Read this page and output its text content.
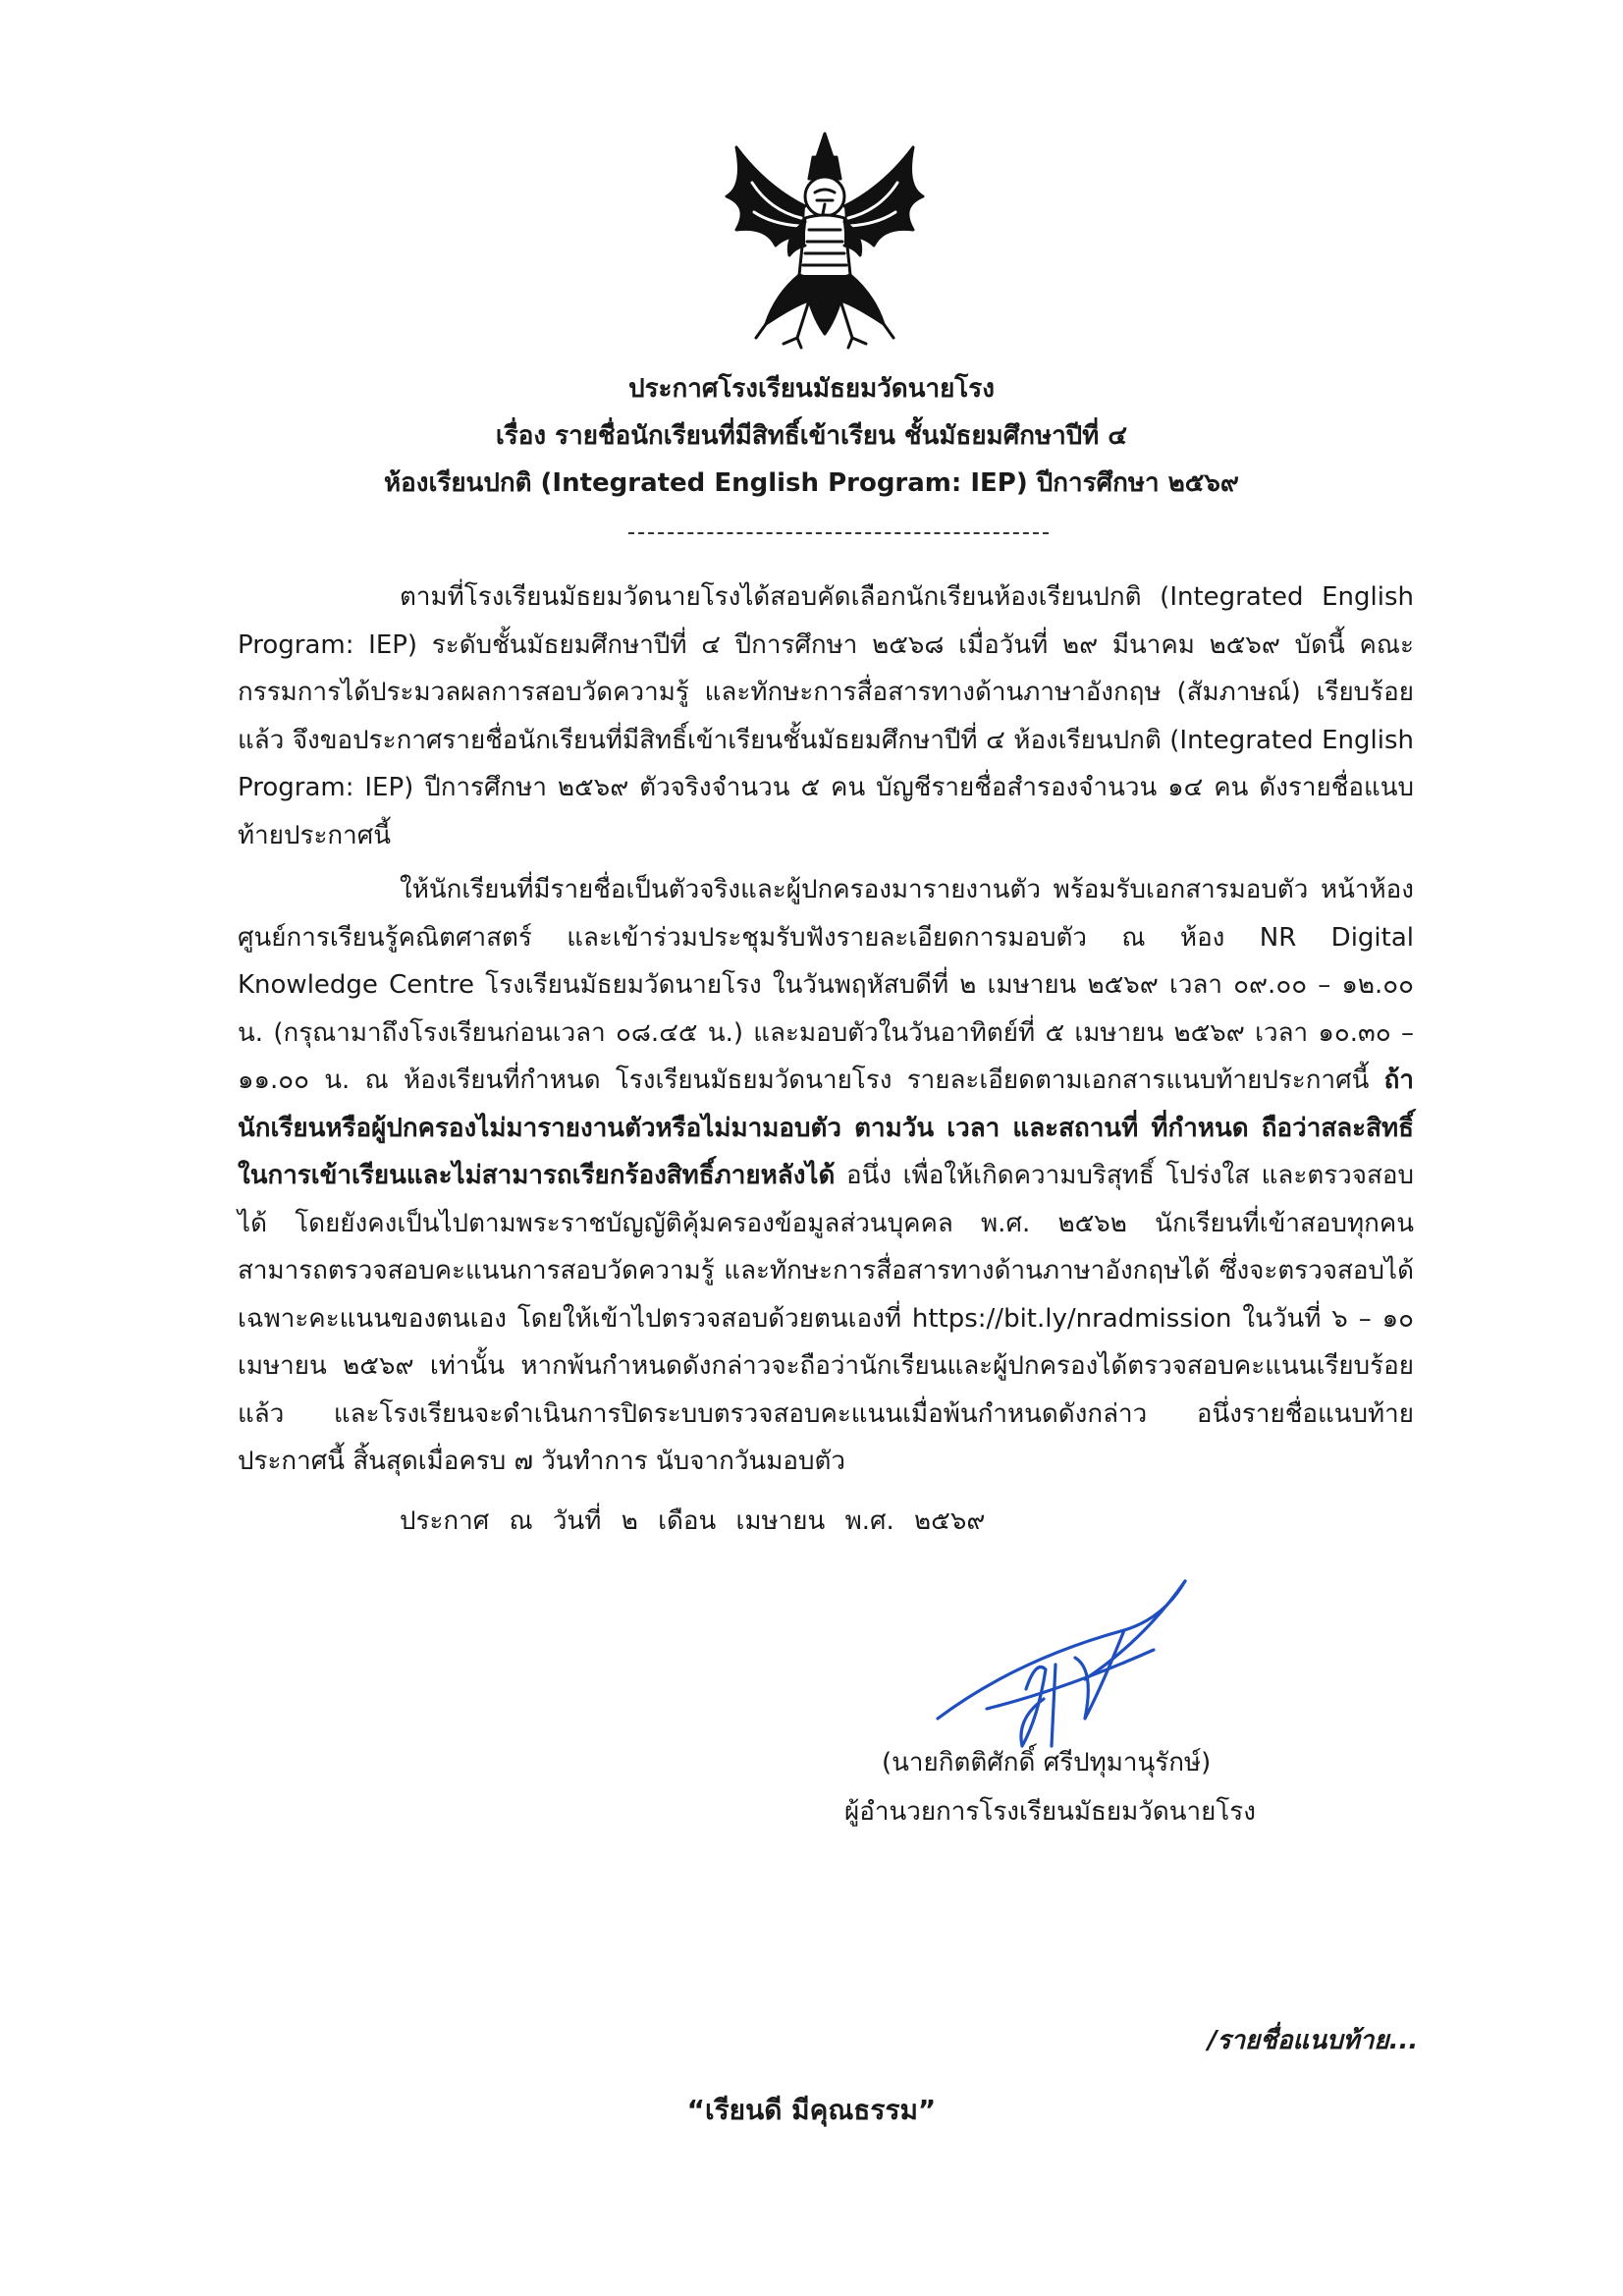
ประกาศโรงเรียนมัธยมวัดนายโรง
เรื่อง รายชื่อนักเรียนที่มีสิทธิ์เข้าเรียน ชั้นมัธยมศึกษาปีที่ ๔
ห้องเรียนปกติ (Integrated English Program: IEP) ปีการศึกษา ๒๕๖๙

ตามที่โรงเรียนมัธยมวัดนายโรงได้สอบคัดเลือกนักเรียนห้องเรียนปกติ (Integrated English Program: IEP) ระดับชั้นมัธยมศึกษาปีที่ ๔ ปีการศึกษา ๒๕๖๘ เมื่อวันที่ ๒๙ มีนาคม ๒๕๖๙ บัดนี้ คณะกรรมการได้ประมวลผลการสอบวัดความรู้ และทักษะการสื่อสารทางด้านภาษาอังกฤษ (สัมภาษณ์) เรียบร้อยแล้ว จึงขอประกาศรายชื่อนักเรียนที่มีสิทธิ์เข้าเรียนชั้นมัธยมศึกษาปีที่ ๔ ห้องเรียนปกติ (Integrated English Program: IEP) ปีการศึกษา ๒๕๖๙ ตัวจริงจำนวน ๕ คน บัญชีรายชื่อสำรองจำนวน ๑๔ คน ดังรายชื่อแนบท้ายประกาศนี้

ให้นักเรียนที่มีรายชื่อเป็นตัวจริงและผู้ปกครองมารายงานตัว พร้อมรับเอกสารมอบตัว หน้าห้องศูนย์การเรียนรู้คณิตศาสตร์ และเข้าร่วมประชุมรับฟังรายละเอียดการมอบตัว ณ ห้อง NR Digital Knowledge Centre โรงเรียนมัธยมวัดนายโรง ในวันพฤหัสบดีที่ ๒ เมษายน ๒๕๖๙ เวลา ๐๙.๐๐ – ๑๒.๐๐ น. (กรุณามาถึงโรงเรียนก่อนเวลา ๐๘.๔๕ น.) และมอบตัวในวันอาทิตย์ที่ ๕ เมษายน ๒๕๖๙ เวลา ๑๐.๓๐ – ๑๑.๐๐ น. ณ ห้องเรียนที่กำหนด โรงเรียนมัธยมวัดนายโรง รายละเอียดตามเอกสารแนบท้ายประกาศนี้ ถ้านักเรียนหรือผู้ปกครองไม่มารายงานตัวหรือไม่มามอบตัว ตามวัน เวลา และสถานที่ ที่กำหนด ถือว่าสละสิทธิ์ในการเข้าเรียนและไม่สามารถเรียกร้องสิทธิ์ภายหลังได้ อนึ่ง เพื่อให้เกิดความบริสุทธิ์ โปร่งใส และตรวจสอบได้ โดยยังคงเป็นไปตามพระราชบัญญัติคุ้มครองข้อมูลส่วนบุคคล พ.ศ. ๒๕๖๒ นักเรียนที่เข้าสอบทุกคนสามารถตรวจสอบคะแนนการสอบวัดความรู้ และทักษะการสื่อสารทางด้านภาษาอังกฤษได้ ซึ่งจะตรวจสอบได้เฉพาะคะแนนของตนเอง โดยให้เข้าไปตรวจสอบด้วยตนเองที่ https://bit.ly/nradmission ในวันที่ ๖ – ๑๐ เมษายน ๒๕๖๙ เท่านั้น หากพ้นกำหนดดังกล่าวจะถือว่านักเรียนและผู้ปกครองได้ตรวจสอบคะแนนเรียบร้อยแล้ว และโรงเรียนจะดำเนินการปิดระบบตรวจสอบคะแนนเมื่อพ้นกำหนดดังกล่าว อนึ่งรายชื่อแนบท้ายประกาศนี้ สิ้นสุดเมื่อครบ ๗ วันทำการ นับจากวันมอบตัว

ประกาศ ณ วันที่ ๒ เดือน เมษายน พ.ศ. ๒๕๖๙
(นายกิตติศักดิ์ ศรีปทุมานุรักษ์)
ผู้อำนวยการโรงเรียนมัธยมวัดนายโรง
/รายชื่อแนบท้าย...
“เรียนดี มีคุณธรรม”
